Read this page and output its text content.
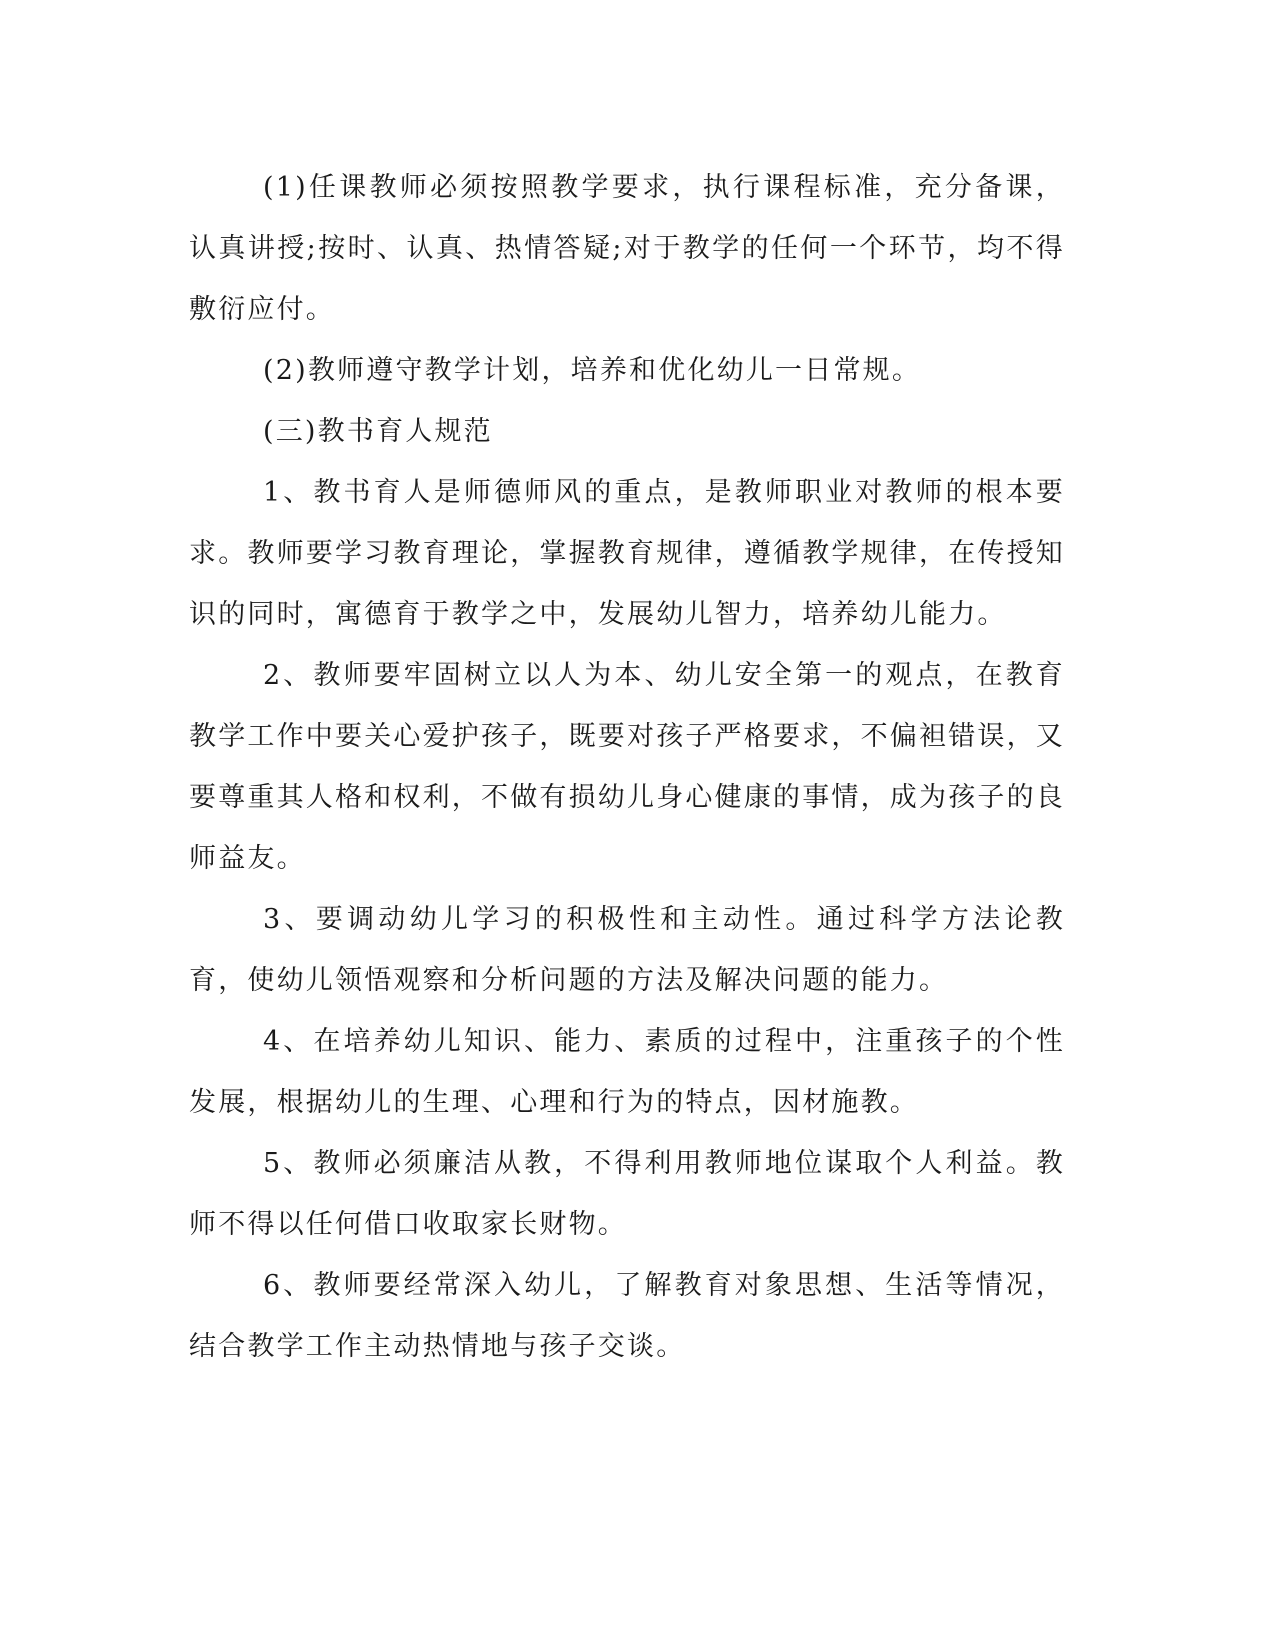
(1)任课教师必须按照教学要求，执行课程标准，充分备课，认真讲授;按时、认真、热情答疑;对于教学的任何一个环节，均不得敷衍应付。

(2)教师遵守教学计划，培养和优化幼儿一日常规。

(三)教书育人规范

1、教书育人是师德师风的重点，是教师职业对教师的根本要求。教师要学习教育理论，掌握教育规律，遵循教学规律，在传授知识的同时，寓德育于教学之中，发展幼儿智力，培养幼儿能力。

2、教师要牢固树立以人为本、幼儿安全第一的观点，在教育教学工作中要关心爱护孩子，既要对孩子严格要求，不偏袒错误，又要尊重其人格和权利，不做有损幼儿身心健康的事情，成为孩子的良师益友。

3、要调动幼儿学习的积极性和主动性。通过科学方法论教育，使幼儿领悟观察和分析问题的方法及解决问题的能力。

4、在培养幼儿知识、能力、素质的过程中，注重孩子的个性发展，根据幼儿的生理、心理和行为的特点，因材施教。

5、教师必须廉洁从教，不得利用教师地位谋取个人利益。教师不得以任何借口收取家长财物。

6、教师要经常深入幼儿，了解教育对象思想、生活等情况，结合教学工作主动热情地与孩子交谈。
